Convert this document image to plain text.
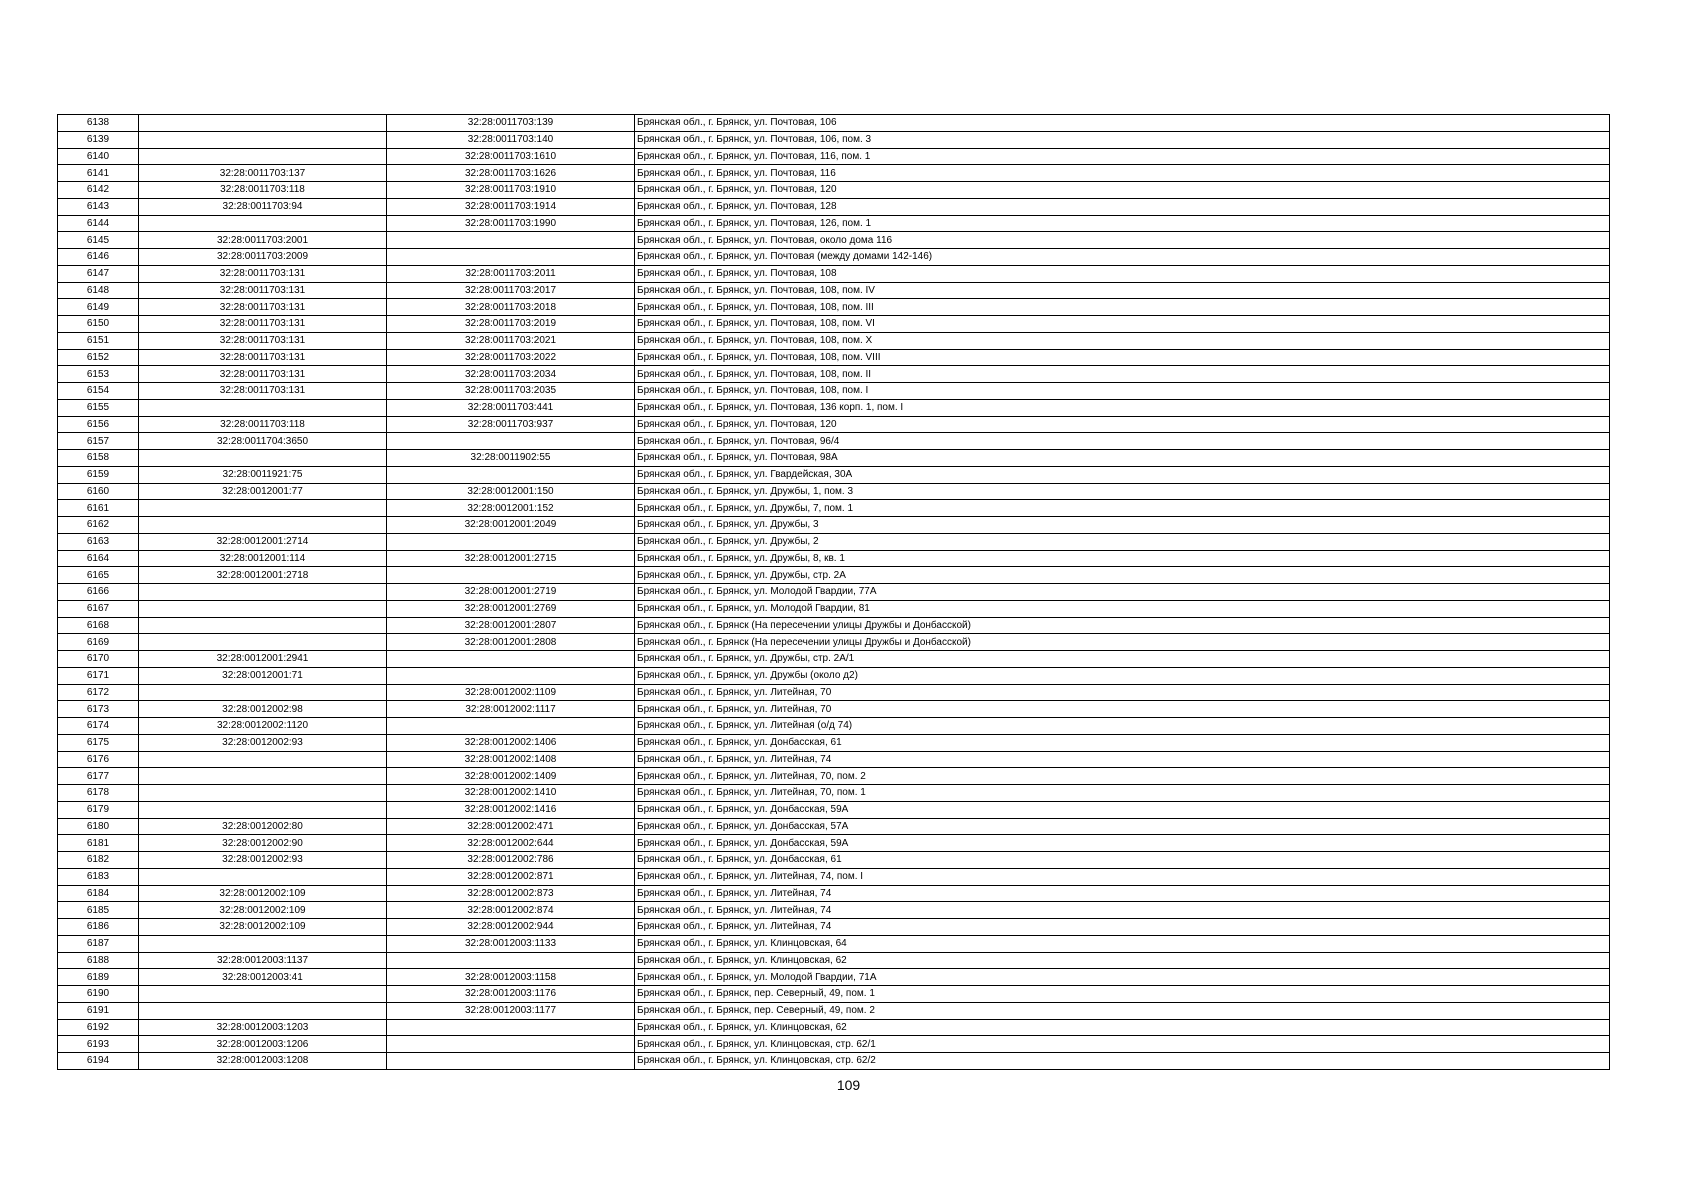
6138		32:28:0011703:139	Брянская обл., г. Брянск, ул. Почтовая, 106
6139		32:28:0011703:140	Брянская обл., г. Брянск, ул. Почтовая, 106, пом. 3
6140		32:28:0011703:1610	Брянская обл., г. Брянск, ул. Почтовая, 116, пом. 1
6141	32:28:0011703:137	32:28:0011703:1626	Брянская обл., г. Брянск, ул. Почтовая, 116
6142	32:28:0011703:118	32:28:0011703:1910	Брянская обл., г. Брянск, ул. Почтовая, 120
6143	32:28:0011703:94	32:28:0011703:1914	Брянская обл., г. Брянск, ул. Почтовая, 128
6144		32:28:0011703:1990	Брянская обл., г. Брянск, ул. Почтовая, 126, пом. 1
6145	32:28:0011703:2001		Брянская обл., г. Брянск, ул. Почтовая, около дома 116
6146	32:28:0011703:2009		Брянская обл., г. Брянск, ул. Почтовая (между домами 142-146)
6147	32:28:0011703:131	32:28:0011703:2011	Брянская обл., г. Брянск, ул. Почтовая, 108
6148	32:28:0011703:131	32:28:0011703:2017	Брянская обл., г. Брянск, ул. Почтовая, 108, пом. IV
6149	32:28:0011703:131	32:28:0011703:2018	Брянская обл., г. Брянск, ул. Почтовая, 108, пом. III
6150	32:28:0011703:131	32:28:0011703:2019	Брянская обл., г. Брянск, ул. Почтовая, 108, пом. VI
6151	32:28:0011703:131	32:28:0011703:2021	Брянская обл., г. Брянск, ул. Почтовая, 108, пом. X
6152	32:28:0011703:131	32:28:0011703:2022	Брянская обл., г. Брянск, ул. Почтовая, 108, пом. VIII
6153	32:28:0011703:131	32:28:0011703:2034	Брянская обл., г. Брянск, ул. Почтовая, 108, пом. II
6154	32:28:0011703:131	32:28:0011703:2035	Брянская обл., г. Брянск, ул. Почтовая, 108, пом. I
6155		32:28:0011703:441	Брянская обл., г. Брянск, ул. Почтовая, 136 корп. 1, пом. I
6156	32:28:0011703:118	32:28:0011703:937	Брянская обл., г. Брянск, ул. Почтовая, 120
6157	32:28:0011704:3650		Брянская обл., г. Брянск, ул. Почтовая, 96/4
6158		32:28:0011902:55	Брянская обл., г. Брянск, ул. Почтовая, 98А
6159	32:28:0011921:75		Брянская обл., г. Брянск, ул. Гвардейская, 30А
6160	32:28:0012001:77	32:28:0012001:150	Брянская обл., г. Брянск, ул. Дружбы, 1, пом. 3
6161		32:28:0012001:152	Брянская обл., г. Брянск, ул. Дружбы, 7, пом. 1
6162		32:28:0012001:2049	Брянская обл., г. Брянск, ул. Дружбы, 3
6163	32:28:0012001:2714		Брянская обл., г. Брянск, ул. Дружбы, 2
6164	32:28:0012001:114	32:28:0012001:2715	Брянская обл., г. Брянск, ул. Дружбы, 8, кв. 1
6165	32:28:0012001:2718		Брянская обл., г. Брянск, ул. Дружбы, стр. 2А
6166		32:28:0012001:2719	Брянская обл., г. Брянск, ул. Молодой Гвардии, 77А
6167		32:28:0012001:2769	Брянская обл., г. Брянск, ул. Молодой Гвардии, 81
6168		32:28:0012001:2807	Брянская обл., г. Брянск (На пересечении улицы Дружбы и Донбасской)
6169		32:28:0012001:2808	Брянская обл., г. Брянск (На пересечении улицы Дружбы и Донбасской)
6170	32:28:0012001:2941		Брянская обл., г. Брянск, ул. Дружбы, стр. 2А/1
6171	32:28:0012001:71		Брянская обл., г. Брянск, ул. Дружбы (около д2)
6172		32:28:0012002:1109	Брянская обл., г. Брянск, ул. Литейная, 70
6173	32:28:0012002:98	32:28:0012002:1117	Брянская обл., г. Брянск, ул. Литейная, 70
6174	32:28:0012002:1120		Брянская обл., г. Брянск, ул. Литейная (о/д 74)
6175	32:28:0012002:93	32:28:0012002:1406	Брянская обл., г. Брянск, ул. Донбасская, 61
6176		32:28:0012002:1408	Брянская обл., г. Брянск, ул. Литейная, 74
6177		32:28:0012002:1409	Брянская обл., г. Брянск, ул. Литейная, 70, пом. 2
6178		32:28:0012002:1410	Брянская обл., г. Брянск, ул. Литейная, 70, пом. 1
6179		32:28:0012002:1416	Брянская обл., г. Брянск, ул. Донбасская, 59А
6180	32:28:0012002:80	32:28:0012002:471	Брянская обл., г. Брянск, ул. Донбасская, 57А
6181	32:28:0012002:90	32:28:0012002:644	Брянская обл., г. Брянск, ул. Донбасская, 59А
6182	32:28:0012002:93	32:28:0012002:786	Брянская обл., г. Брянск, ул. Донбасская, 61
6183		32:28:0012002:871	Брянская обл., г. Брянск, ул. Литейная, 74, пом. I
6184	32:28:0012002:109	32:28:0012002:873	Брянская обл., г. Брянск, ул. Литейная, 74
6185	32:28:0012002:109	32:28:0012002:874	Брянская обл., г. Брянск, ул. Литейная, 74
6186	32:28:0012002:109	32:28:0012002:944	Брянская обл., г. Брянск, ул. Литейная, 74
6187		32:28:0012003:1133	Брянская обл., г. Брянск, ул. Клинцовская, 64
6188	32:28:0012003:1137		Брянская обл., г. Брянск, ул. Клинцовская, 62
6189	32:28:0012003:41	32:28:0012003:1158	Брянская обл., г. Брянск, ул. Молодой Гвардии, 71А
6190		32:28:0012003:1176	Брянская обл., г. Брянск, пер. Северный, 49, пом. 1
6191		32:28:0012003:1177	Брянская обл., г. Брянск, пер. Северный, 49, пом. 2
6192	32:28:0012003:1203		Брянская обл., г. Брянск, ул. Клинцовская, 62
6193	32:28:0012003:1206		Брянская обл., г. Брянск, ул. Клинцовская, стр. 62/1
6194	32:28:0012003:1208		Брянская обл., г. Брянск, ул. Клинцовская, стр. 62/2
109
